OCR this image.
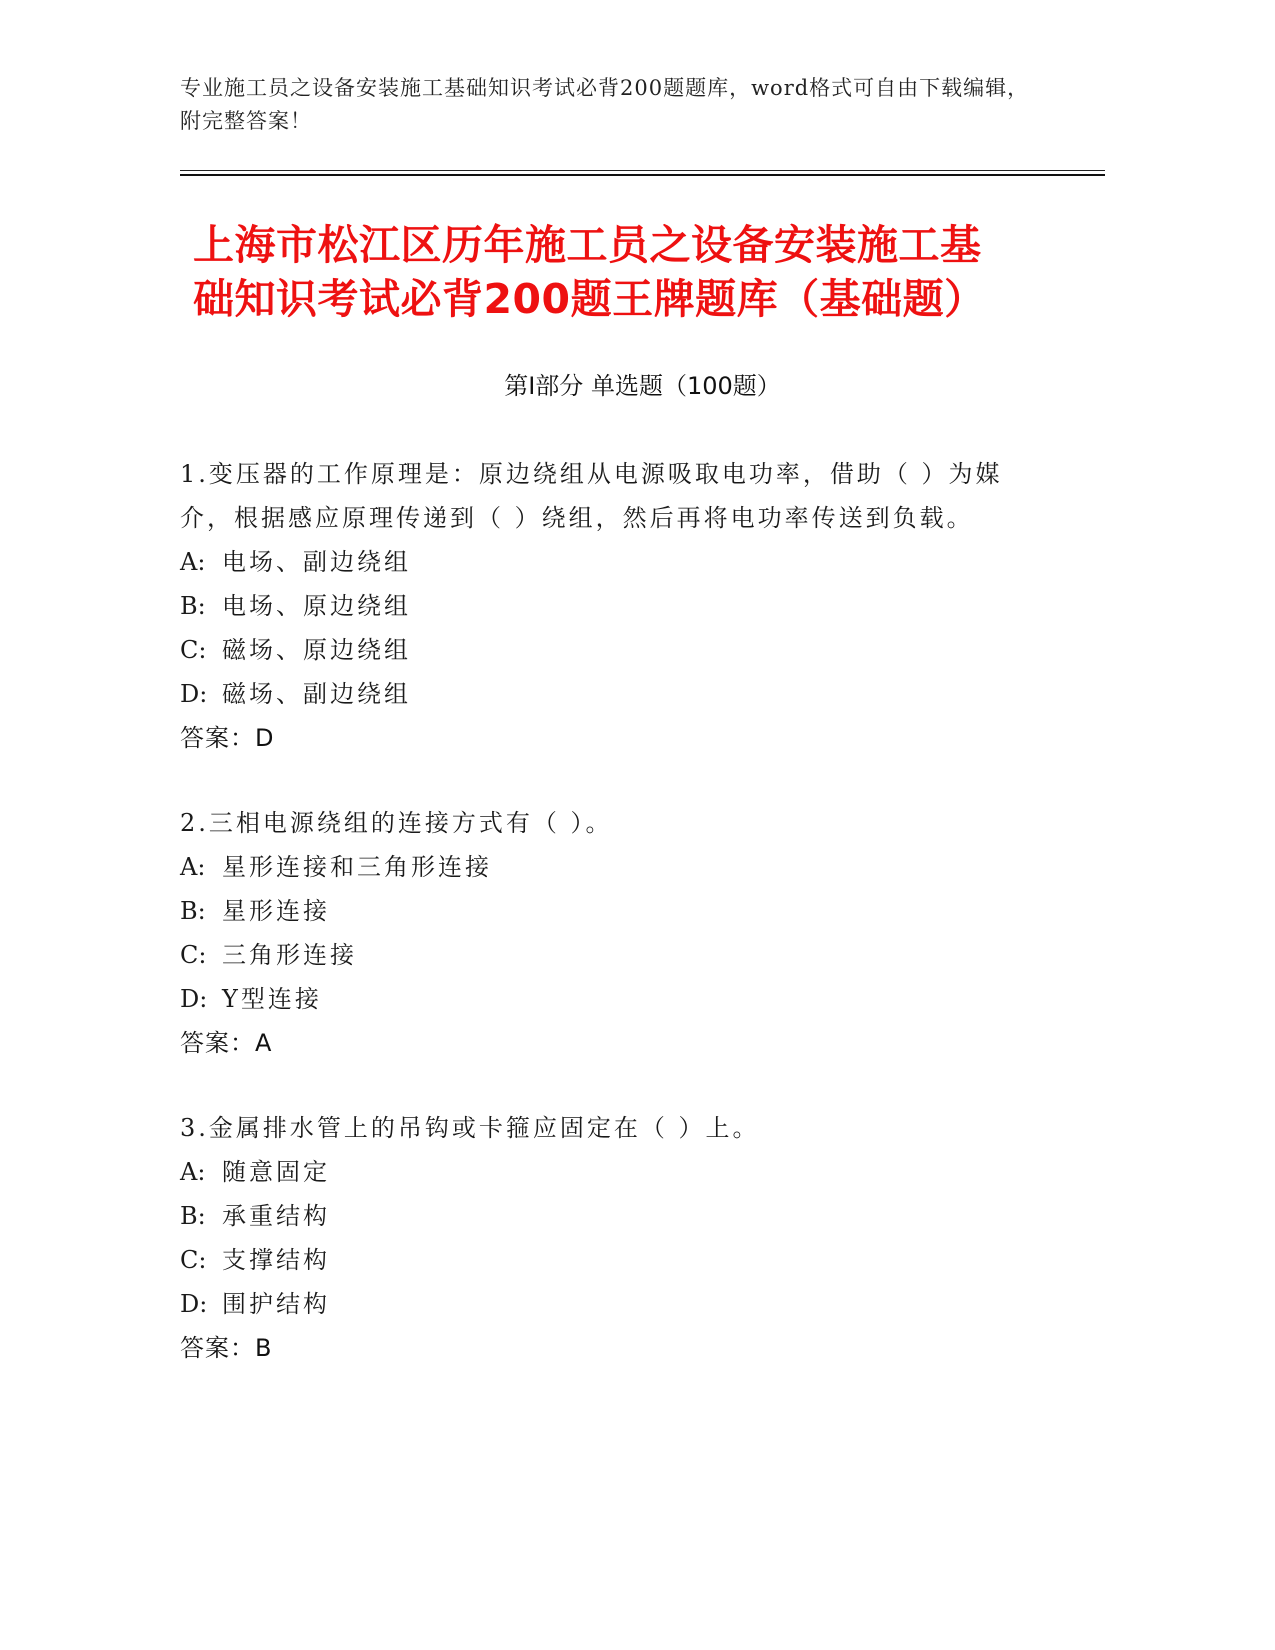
专业施工员之设备安装施工基础知识考试必背200题题库，word格式可自由下载编辑，附完整答案！
上海市松江区历年施工员之设备安装施工基
础知识考试必背200题王牌题库（基础题）
第Ⅰ部分 单选题（100题）
1.变压器的工作原理是：原边绕组从电源吸取电功率，借助（ ）为媒介，根据感应原理传递到（ ）绕组，然后再将电功率传送到负载。
A: 电场、副边绕组
B: 电场、原边绕组
C: 磁场、原边绕组
D: 磁场、副边绕组
答案：D
2.三相电源绕组的连接方式有（ ）。
A: 星形连接和三角形连接
B: 星形连接
C: 三角形连接
D: Y型连接
答案：A
3.金属排水管上的吊钩或卡箍应固定在（ ）上。
A: 随意固定
B: 承重结构
C: 支撑结构
D: 围护结构
答案：B
